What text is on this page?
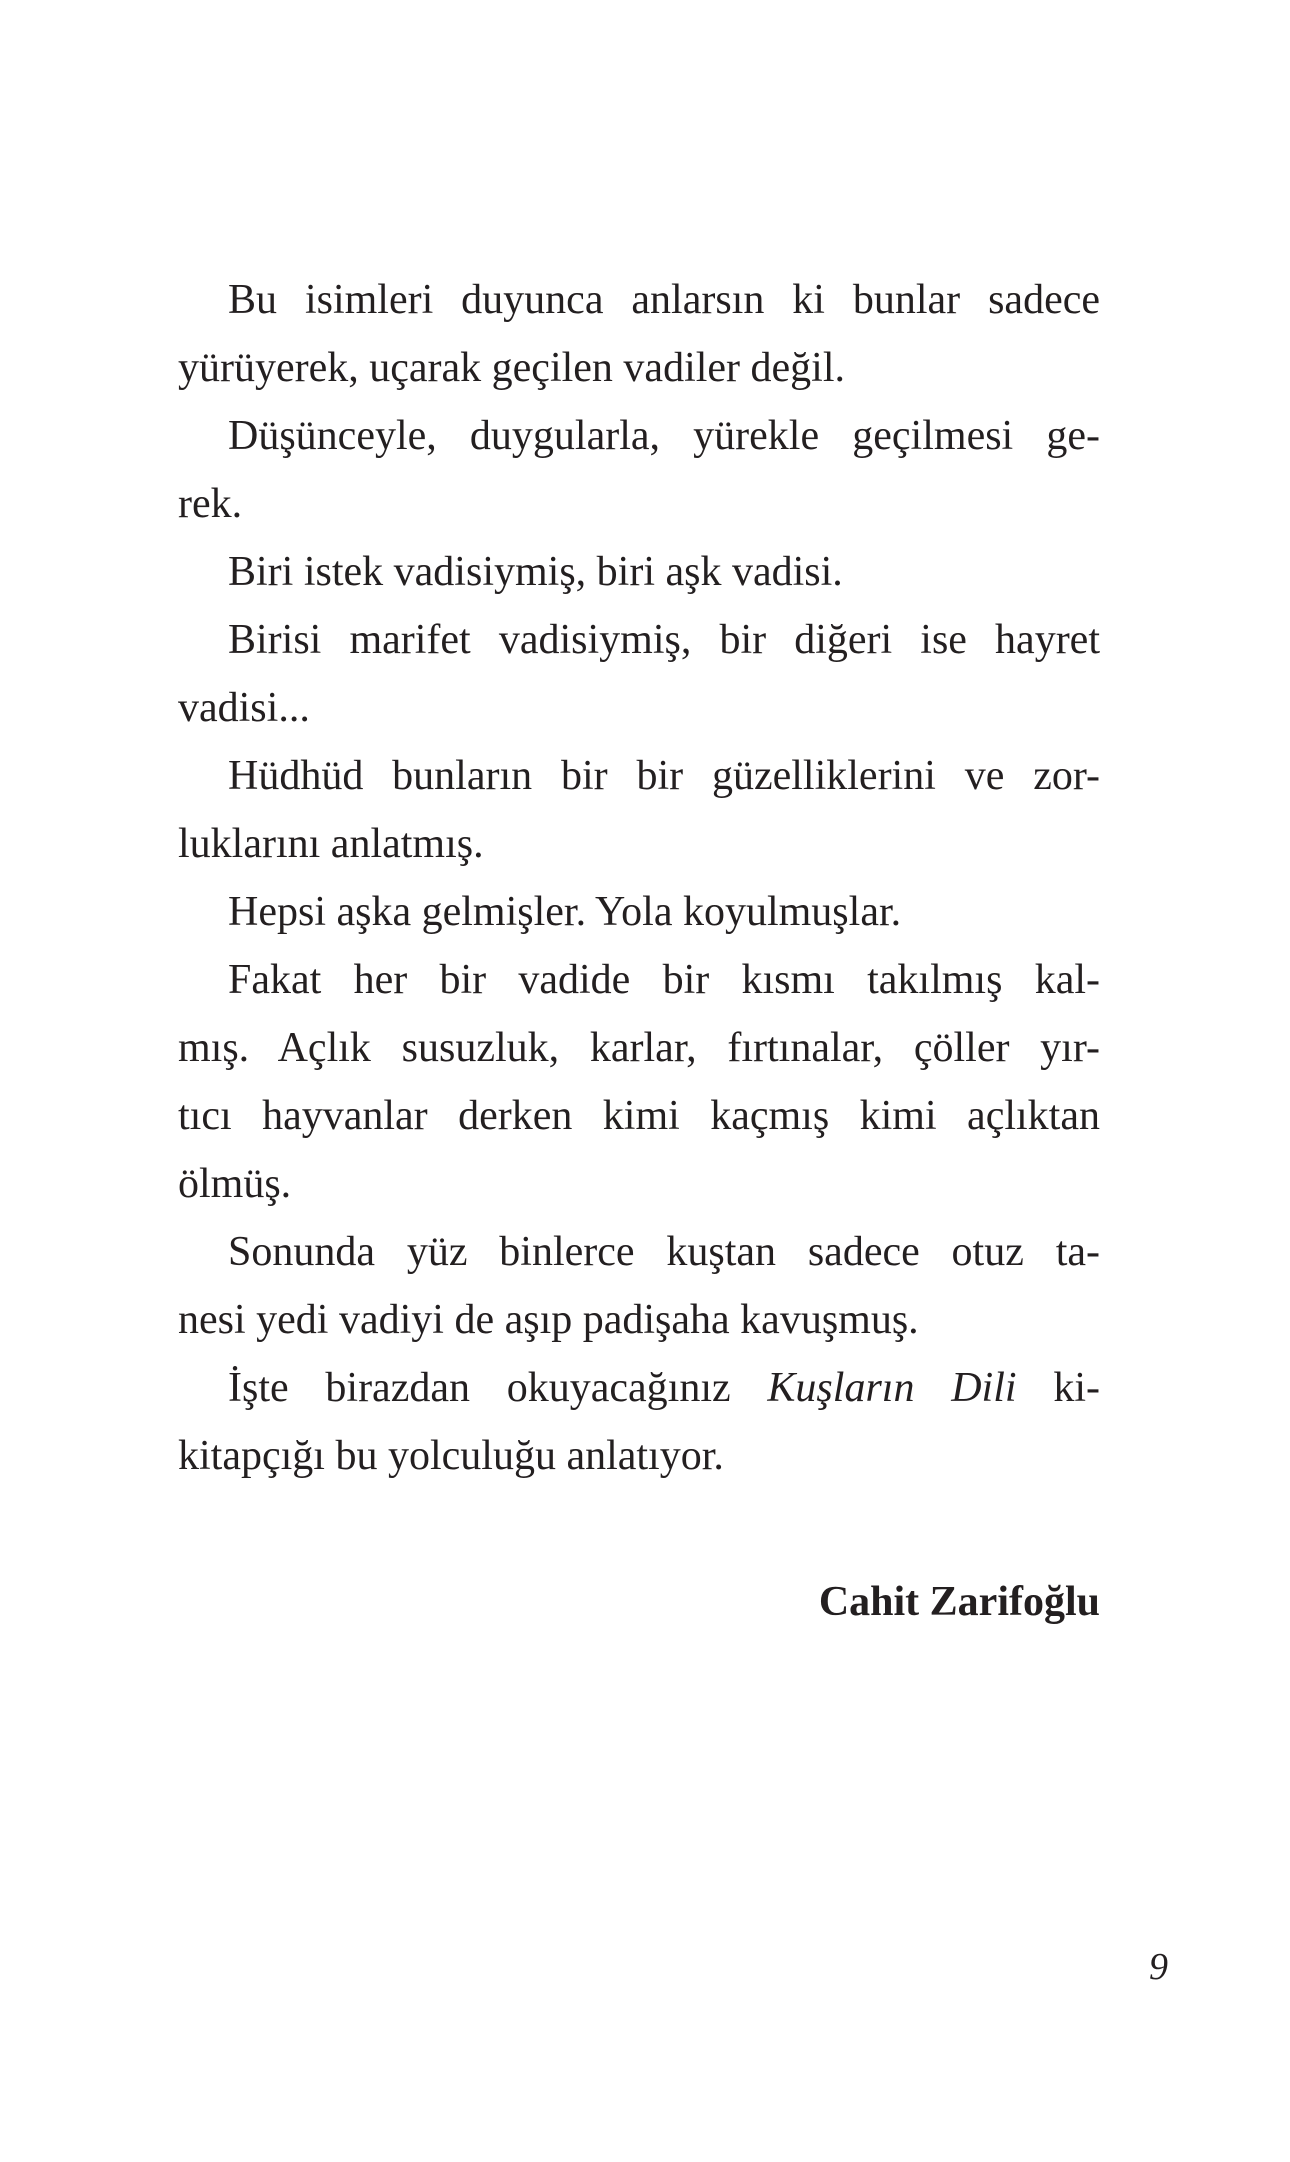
Bu isimleri duyunca anlarsın ki bunlar sadece
yürüyerek, uçarak geçilen vadiler değil.
Düşünceyle, duygularla, yürekle geçilmesi ge-
rek.
Biri istek vadisiymiş, biri aşk vadisi.
Birisi marifet vadisiymiş, bir diğeri ise hayret
vadisi...
Hüdhüd bunların bir bir güzelliklerini ve zor-
luklarını anlatmış.
Hepsi aşka gelmişler. Yola koyulmuşlar.
Fakat her bir vadide bir kısmı takılmış kal-
mış. Açlık susuzluk, karlar, fırtınalar, çöller yır-
tıcı hayvanlar derken kimi kaçmış kimi açlıktan
ölmüş.
Sonunda yüz binlerce kuştan sadece otuz ta-
nesi yedi vadiyi de aşıp padişaha kavuşmuş.
İşte birazdan okuyacağınız Kuşların Dili ki-
kitapçığı bu yolculuğu anlatıyor.
Cahit Zarifoğlu
9
